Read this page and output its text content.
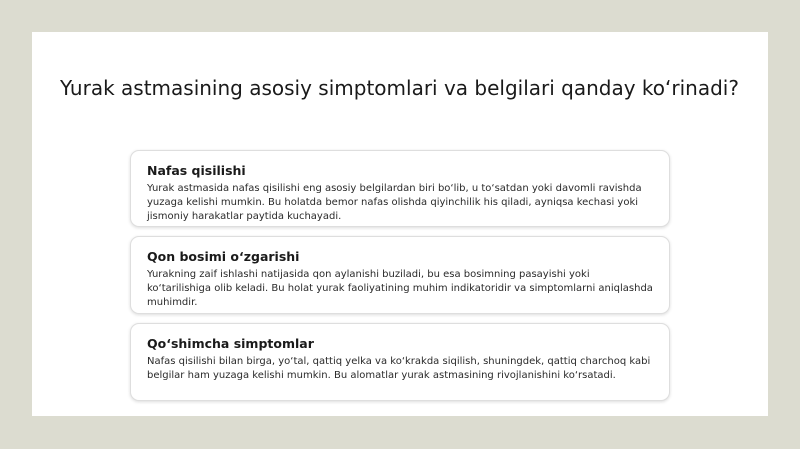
Yurak astmasining asosiy simptomlari va belgilari qanday ko‘rinadi?
Nafas qisilishi

Yurak astmasida nafas qisilishi eng asosiy belgilardan biri bo‘lib, u to‘satdan yoki davomli ravishda yuzaga kelishi mumkin. Bu holatda bemor nafas olishda qiyinchilik his qiladi, ayniqsa kechasi yoki jismoniy harakatlar paytida kuchayadi.

Qon bosimi o‘zgarishi

Yurakning zaif ishlashi natijasida qon aylanishi buziladi, bu esa bosimning pasayishi yoki ko‘tarilishiga olib keladi. Bu holat yurak faoliyatining muhim indikatoridir va simptomlarni aniqlashda muhimdir.

Qo‘shimcha simptomlar

Nafas qisilishi bilan birga, yo‘tal, qattiq yelka va ko‘krakda siqilish, shuningdek, qattiq charchoq kabi belgilar ham yuzaga kelishi mumkin. Bu alomatlar yurak astmasining rivojlanishini ko‘rsatadi.
